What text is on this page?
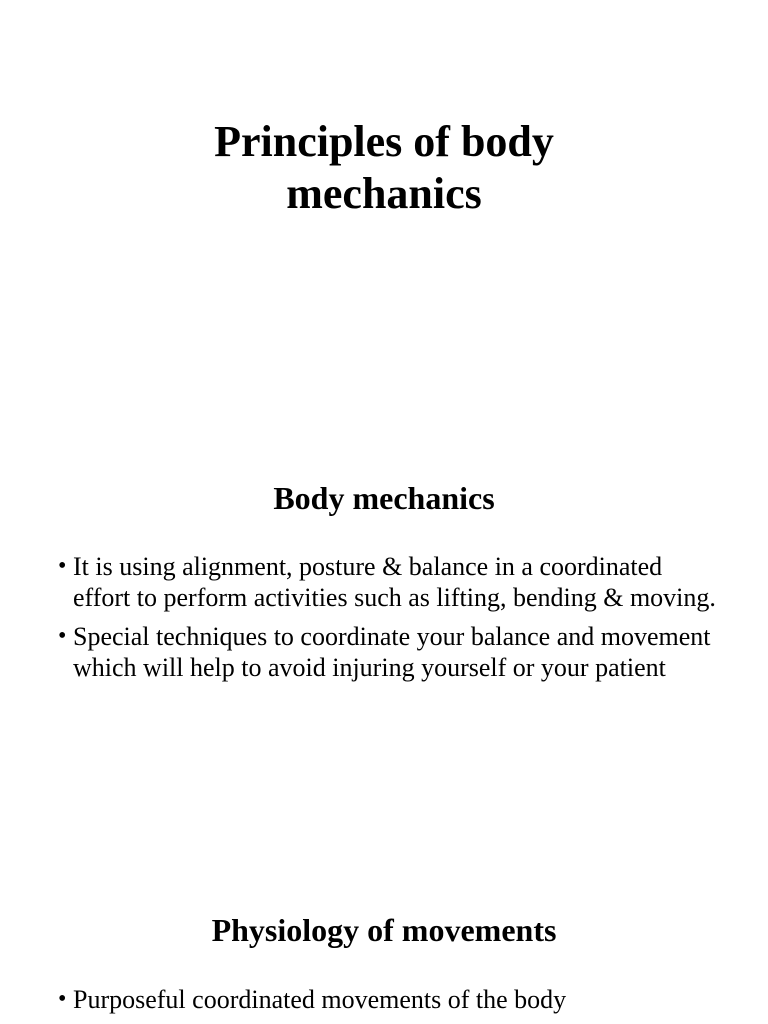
Principles of body
mechanics
Body mechanics
• It is using alignment, posture & balance in a coordinated effort to perform activities such as lifting, bending & moving.
• Special techniques to coordinate your balance and movement which will help to avoid injuring yourself or your patient
Physiology of movements
• Purposeful coordinated movements of the body
